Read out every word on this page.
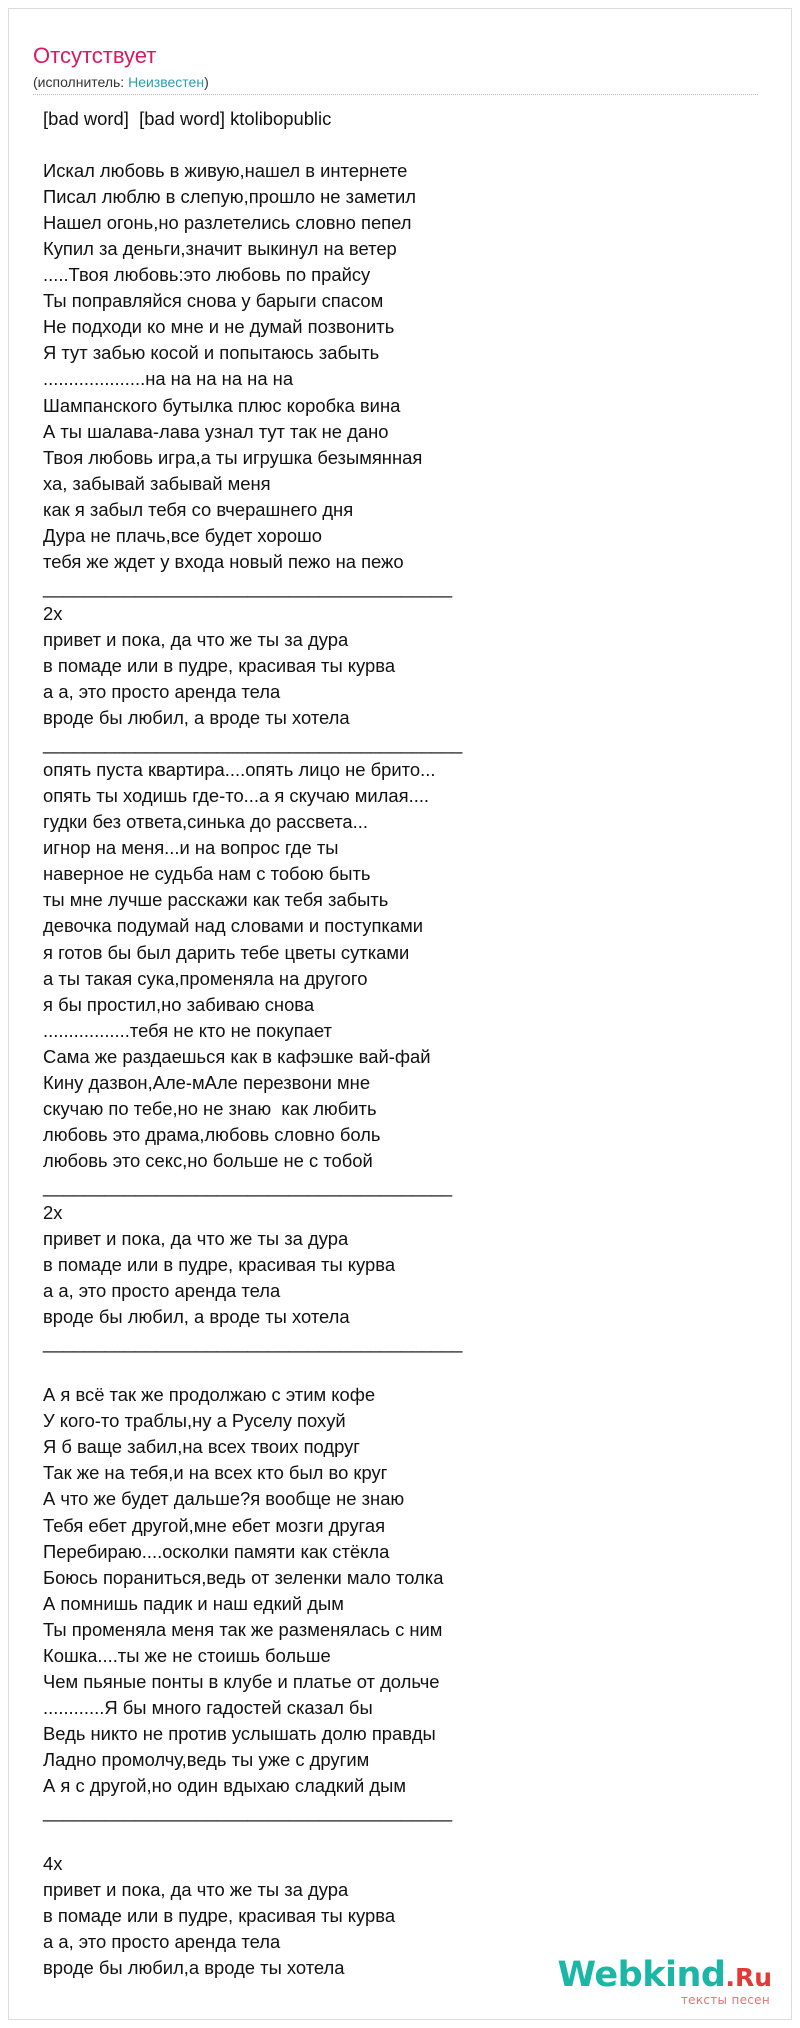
Отсутствует
(исполнитель: Неизвестен)
[bad word]  [bad word] ktolibopublic

Искал любовь в живую,нашел в интернете
Писал люблю в слепую,прошло не заметил
Нашел огонь,но разлетелись словно пепел
Купил за деньги,значит выкинул на ветер
.....Твоя любовь:это любовь по прайсу
Ты поправляйся снова у барыги спасом
Не подходи ко мне и не думай позвонить
Я тут забью косой и попытаюсь забыть
....................на на на на на на
Шампанского бутылка плюс коробка вина
А ты шалава-лава узнал тут так не дано
Твоя любовь игра,а ты игрушка безымянная
ха, забывай забывай меня
как я забыл тебя со вчерашнего дня
Дура не плачь,все будет хорошо
тебя же ждет у входа новый пежо на пежо
________________________________________
2х
привет и пока, да что же ты за дура
в помаде или в пудре, красивая ты курва
а а, это просто аренда тела
вроде бы любил, а вроде ты хотела
_________________________________________
опять пуста квартира....опять лицо не брито...
опять ты ходишь где-то...а я скучаю милая....
гудки без ответа,синька до рассвета...
игнор на меня...и на вопрос где ты
наверное не судьба нам с тобою быть
ты мне лучше расскажи как тебя забыть
девочка подумай над словами и поступками
я готов бы был дарить тебе цветы сутками
а ты такая сука,променяла на другого
я бы простил,но забиваю снова
.................тебя не кто не покупает
Сама же раздаешься как в кафэшке вай-фай
Кину дазвон,Але-мАле перезвони мне
скучаю по тебе,но не знаю  как любить
любовь это драма,любовь словно боль
любовь это секс,но больше не с тобой
________________________________________
2х
привет и пока, да что же ты за дура
в помаде или в пудре, красивая ты курва
а а, это просто аренда тела
вроде бы любил, а вроде ты хотела
_________________________________________

А я всё так же продолжаю с этим кофе
У кого-то траблы,ну а Руселу похуй
Я б ваще забил,на всех твоих подруг
Так же на тебя,и на всех кто был во круг
А что же будет дальше?я вообще не знаю
Тебя ебет другой,мне ебет мозги другая
Перебираю....осколки памяти как стёкла
Боюсь пораниться,ведь от зеленки мало толка
А помнишь падик и наш едкий дым
Ты променяла меня так же разменялась с ним
Кошка....ты же не стоишь больше
Чем пьяные понты в клубе и платье от дольче
............Я бы много гадостей сказал бы
Ведь никто не против услышать долю правды
Ладно промолчу,ведь ты уже с другим
А я с другой,но один вдыхаю сладкий дым
________________________________________

4х
привет и пока, да что же ты за дура
в помаде или в пудре, красивая ты курва
а а, это просто аренда тела
вроде бы любил,а вроде ты хотела	Webkind.Ru
тексты песен
